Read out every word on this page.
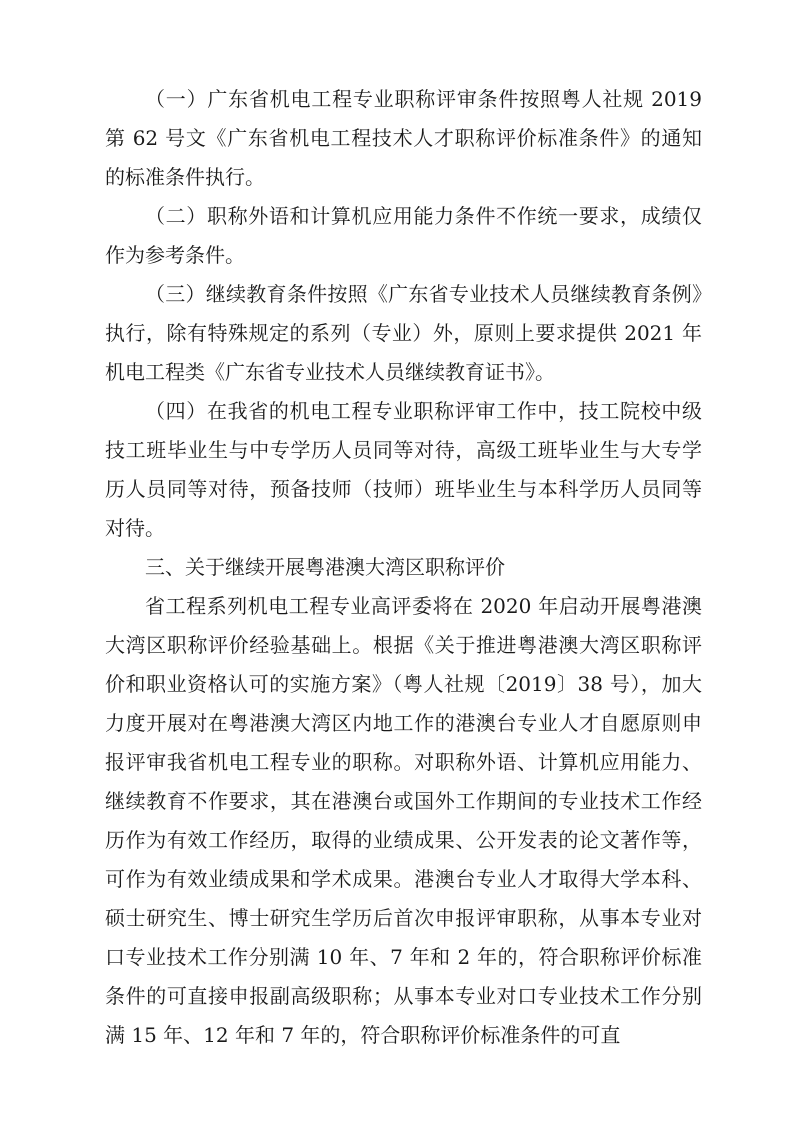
（一）广东省机电工程专业职称评审条件按照粤人社规 2019 第 62 号文《广东省机电工程技术人才职称评价标准条件》的通知的标准条件执行。

（二）职称外语和计算机应用能力条件不作统一要求，成绩仅作为参考条件。

（三）继续教育条件按照《广东省专业技术人员继续教育条例》执行，除有特殊规定的系列（专业）外，原则上要求提供 2021 年机电工程类《广东省专业技术人员继续教育证书》。

（四）在我省的机电工程专业职称评审工作中，技工院校中级技工班毕业生与中专学历人员同等对待，高级工班毕业生与大专学历人员同等对待，预备技师（技师）班毕业生与本科学历人员同等对待。

三、关于继续开展粤港澳大湾区职称评价

省工程系列机电工程专业高评委将在 2020 年启动开展粤港澳大湾区职称评价经验基础上。根据《关于推进粤港澳大湾区职称评价和职业资格认可的实施方案》（粤人社规〔2019〕38 号），加大力度开展对在粤港澳大湾区内地工作的港澳台专业人才自愿原则申报评审我省机电工程专业的职称。对职称外语、计算机应用能力、继续教育不作要求，其在港澳台或国外工作期间的专业技术工作经历作为有效工作经历，取得的业绩成果、公开发表的论文著作等，可作为有效业绩成果和学术成果。港澳台专业人才取得大学本科、硕士研究生、博士研究生学历后首次申报评审职称，从事本专业对口专业技术工作分别满 10 年、7 年和 2 年的，符合职称评价标准条件的可直接申报副高级职称；从事本专业对口专业技术工作分别满 15 年、12 年和 7 年的，符合职称评价标准条件的可直
